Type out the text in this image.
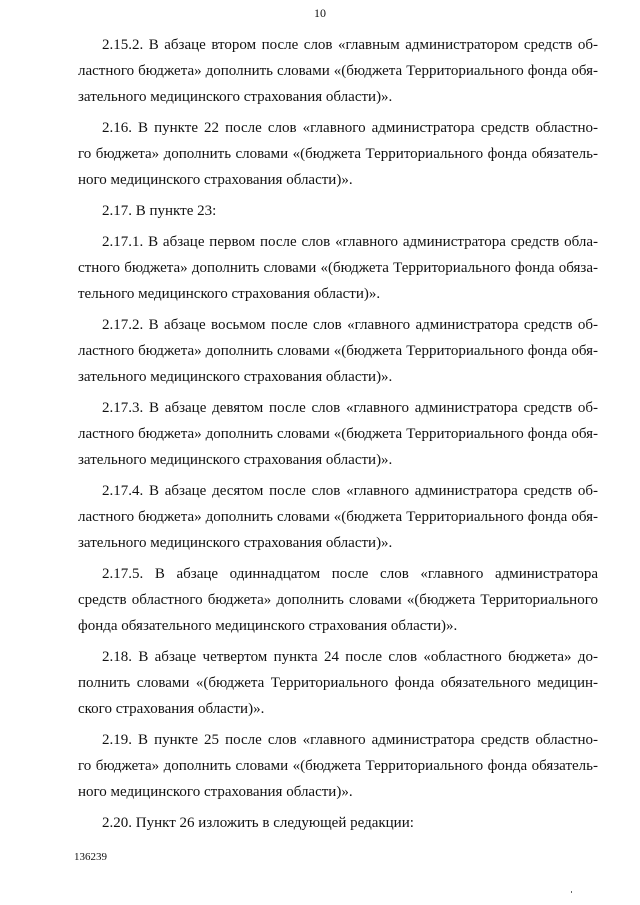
10

2.15.2. В абзаце втором после слов «главным администратором средств об-
ластного бюджета» дополнить словами «(бюджета Территориального фонда обя-
зательного медицинского страхования области)».

2.16. В пункте 22 после слов «главного администратора средств областно-
го бюджета» дополнить словами «(бюджета Территориального фонда обязатель-
ного медицинского страхования области)».

2.17. В пункте 23:

2.17.1. В абзаце первом после слов «главного администратора средств обла-
стного бюджета» дополнить словами «(бюджета Территориального фонда обяза-
тельного медицинского страхования области)».

2.17.2. В абзаце восьмом после слов «главного администратора средств об-
ластного бюджета» дополнить словами «(бюджета Территориального фонда обя-
зательного медицинского страхования области)».

2.17.3. В абзаце девятом после слов «главного администратора средств об-
ластного бюджета» дополнить словами «(бюджета Территориального фонда обя-
зательного медицинского страхования области)».

2.17.4. В абзаце десятом после слов «главного администратора средств об-
ластного бюджета» дополнить словами «(бюджета Территориального фонда обя-
зательного медицинского страхования области)».

2.17.5. В абзаце одиннадцатом после слов «главного администратора
средств областного бюджета» дополнить словами «(бюджета Территориального
фонда обязательного медицинского страхования области)».

2.18. В абзаце четвертом пункта 24 после слов «областного бюджета» до-
полнить словами «(бюджета Территориального фонда обязательного медицин-
ского страхования области)».

2.19. В пункте 25 после слов «главного администратора средств областно-
го бюджета» дополнить словами «(бюджета Территориального фонда обязатель-
ного медицинского страхования области)».

2.20. Пункт 26 изложить в следующей редакции:

136239
